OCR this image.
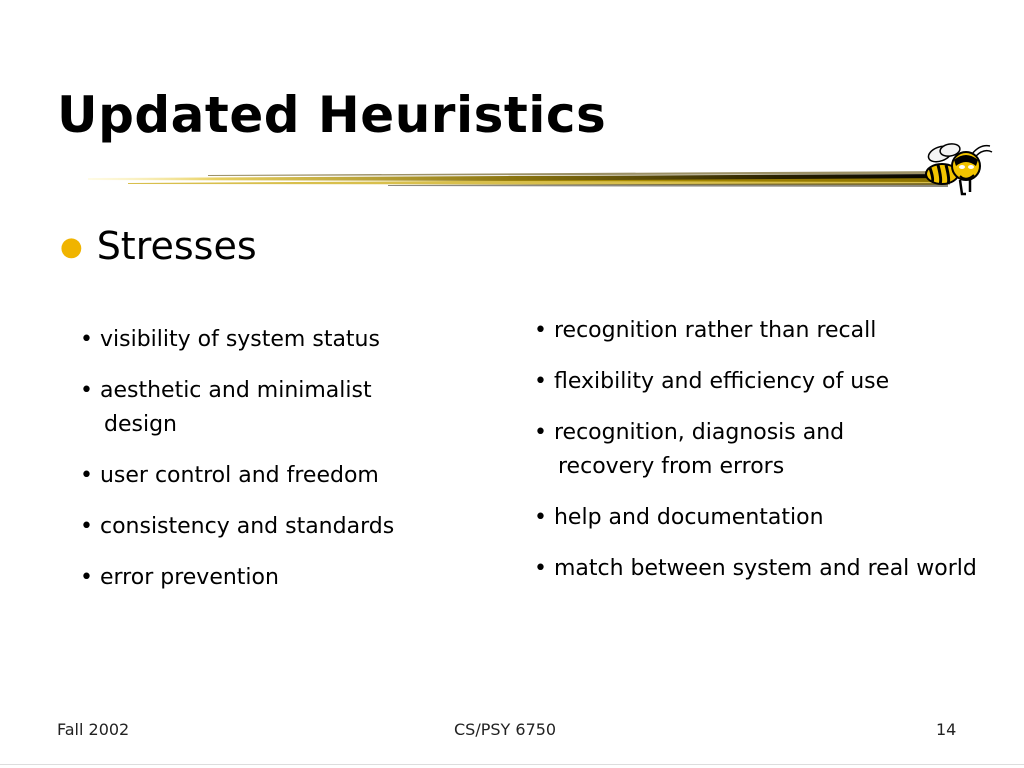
Updated Heuristics
● Stresses
• visibility of system status
• aesthetic and minimalist design
• user control and freedom
• consistency and standards
• error prevention
• recognition rather than recall
• flexibility and efficiency of use
• recognition, diagnosis and recovery from errors
• help and documentation
• match between system and real world
Fall 2002	CS/PSY 6750	14
